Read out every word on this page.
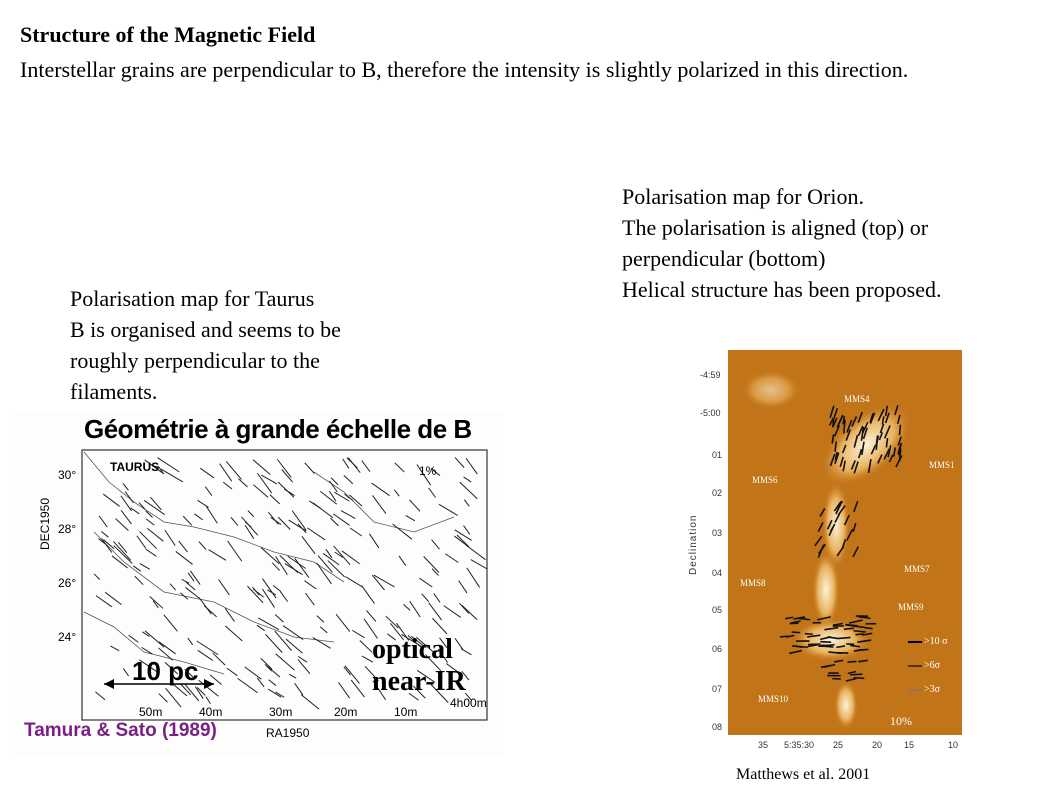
Structure of the Magnetic Field
Interstellar grains are perpendicular to B, therefore the intensity is slightly polarized in this direction.
Polarisation map for Orion.
The polarisation is aligned (top) or
perpendicular (bottom)
Helical structure has been proposed.
Polarisation map for Taurus
B is organised and seems to be
roughly perpendicular to the
filaments.
Géométrie à grande échelle de B
TAURUS	1%
30°
28°
26°
24°
DEC1950
50m	40m	30m	20m	10m
4h00m
RA1950
10 pc
optical
near-IR
Tamura & Sato (1989)
-4:59
-5:00
01
02
03
04
05
06
07
08
Declination
35 5:35:30 25	20 15	10
MMS4
MMS1
MMS6
MMS7
MMS8
MMS9
MMS10
>10 σ
>6σ
>3σ
10%
Matthews et al. 2001
